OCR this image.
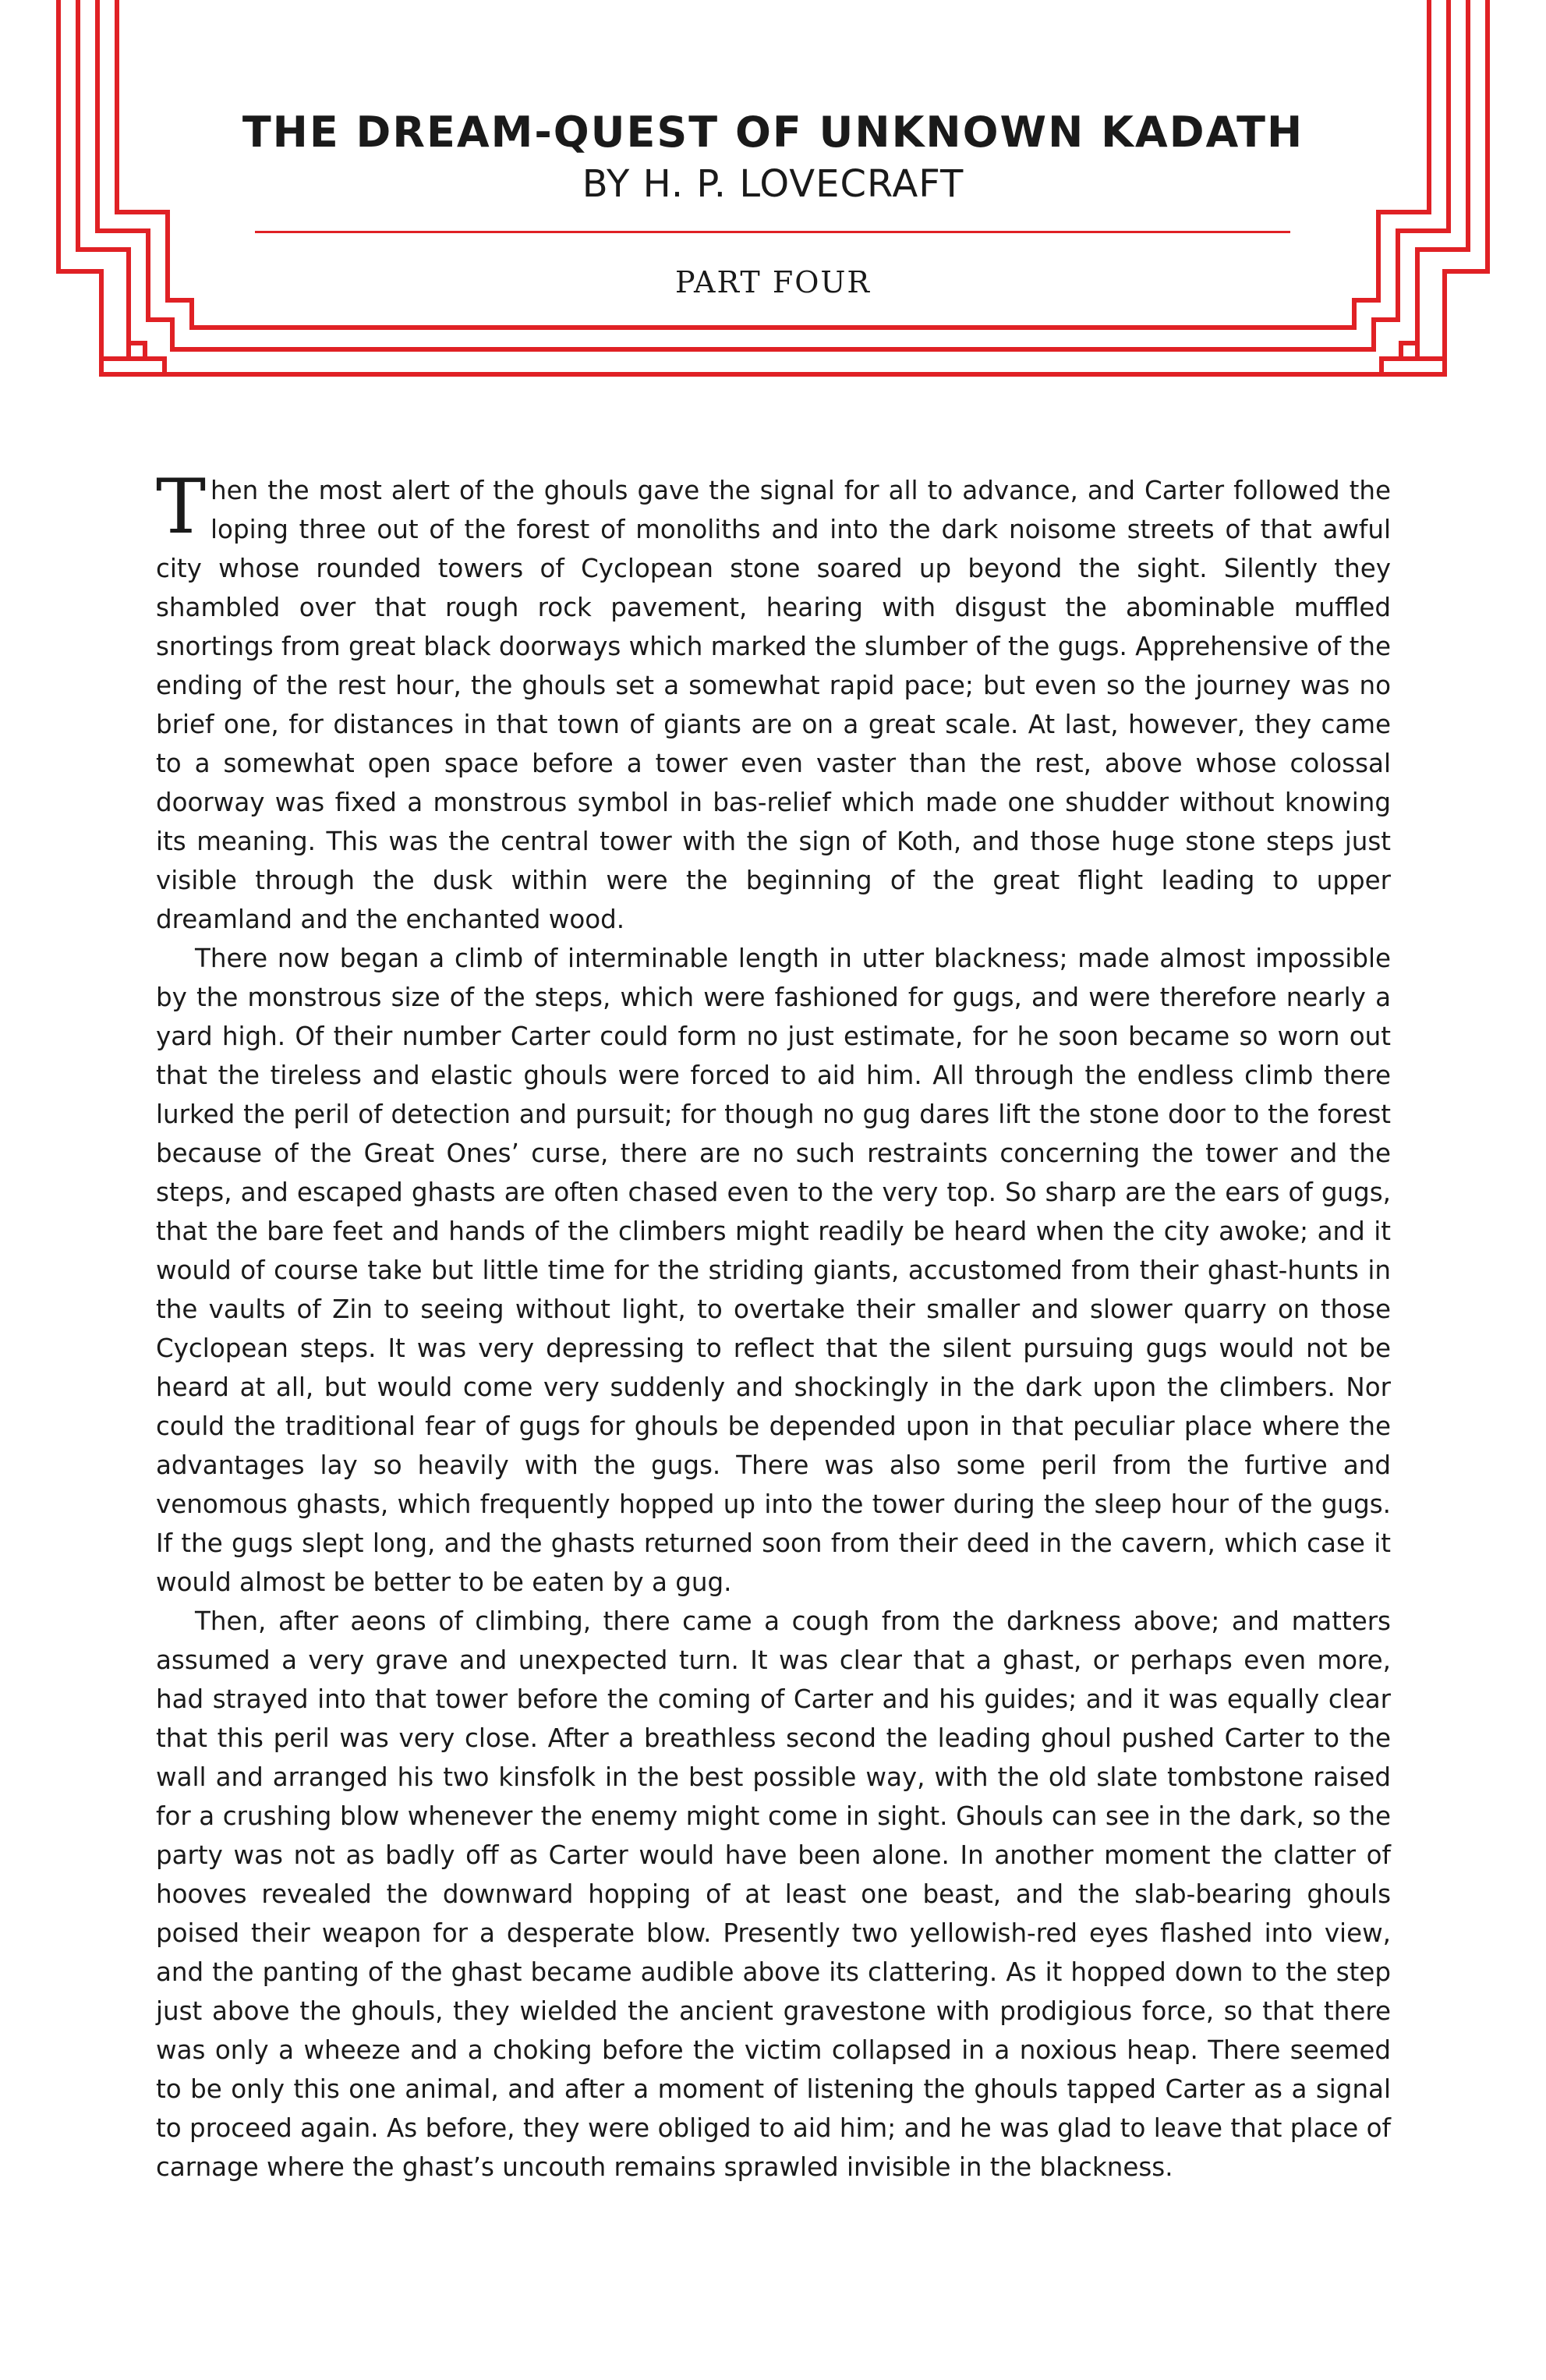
THE DREAM-QUEST OF UNKNOWN KADATH
BY H. P. LOVECRAFT
PART FOUR

Then the most alert of the ghouls gave the signal for all to advance, and Carter followed the loping three out of the forest of monoliths and into the dark noisome streets of that awful city whose rounded towers of Cyclopean stone soared up beyond the sight. Silently they shambled over that rough rock pavement, hearing with disgust the abominable muffled snortings from great black doorways which marked the slumber of the gugs. Apprehensive of the ending of the rest hour, the ghouls set a somewhat rapid pace; but even so the journey was no brief one, for distances in that town of giants are on a great scale. At last, however, they came to a somewhat open space before a tower even vaster than the rest, above whose colossal doorway was fixed a monstrous symbol in bas-relief which made one shudder without knowing its meaning. This was the central tower with the sign of Koth, and those huge stone steps just visible through the dusk within were the beginning of the great flight leading to upper dreamland and the enchanted wood.

There now began a climb of interminable length in utter blackness; made almost impossible by the monstrous size of the steps, which were fashioned for gugs, and were therefore nearly a yard high. Of their number Carter could form no just estimate, for he soon became so worn out that the tireless and elastic ghouls were forced to aid him. All through the endless climb there lurked the peril of detection and pursuit; for though no gug dares lift the stone door to the forest because of the Great Ones’ curse, there are no such restraints concerning the tower and the steps, and escaped ghasts are often chased even to the very top. So sharp are the ears of gugs, that the bare feet and hands of the climbers might readily be heard when the city awoke; and it would of course take but little time for the striding giants, accustomed from their ghast-hunts in the vaults of Zin to seeing without light, to overtake their smaller and slower quarry on those Cyclopean steps. It was very depressing to reflect that the silent pursuing gugs would not be heard at all, but would come very suddenly and shockingly in the dark upon the climbers. Nor could the traditional fear of gugs for ghouls be depended upon in that peculiar place where the advantages lay so heavily with the gugs. There was also some peril from the furtive and venomous ghasts, which frequently hopped up into the tower during the sleep hour of the gugs. If the gugs slept long, and the ghasts returned soon from their deed in the cavern, which case it would almost be better to be eaten by a gug.

Then, after aeons of climbing, there came a cough from the darkness above; and matters assumed a very grave and unexpected turn. It was clear that a ghast, or perhaps even more, had strayed into that tower before the coming of Carter and his guides; and it was equally clear that this peril was very close. After a breathless second the leading ghoul pushed Carter to the wall and arranged his two kinsfolk in the best possible way, with the old slate tombstone raised for a crushing blow whenever the enemy might come in sight. Ghouls can see in the dark, so the party was not as badly off as Carter would have been alone. In another moment the clatter of hooves revealed the downward hopping of at least one beast, and the slab-bearing ghouls poised their weapon for a desperate blow. Presently two yellowish-red eyes flashed into view, and the panting of the ghast became audible above its clattering. As it hopped down to the step just above the ghouls, they wielded the ancient gravestone with prodigious force, so that there was only a wheeze and a choking before the victim collapsed in a noxious heap. There seemed to be only this one animal, and after a moment of listening the ghouls tapped Carter as a signal to proceed again. As before, they were obliged to aid him; and he was glad to leave that place of carnage where the ghast’s uncouth remains sprawled invisible in the blackness.
